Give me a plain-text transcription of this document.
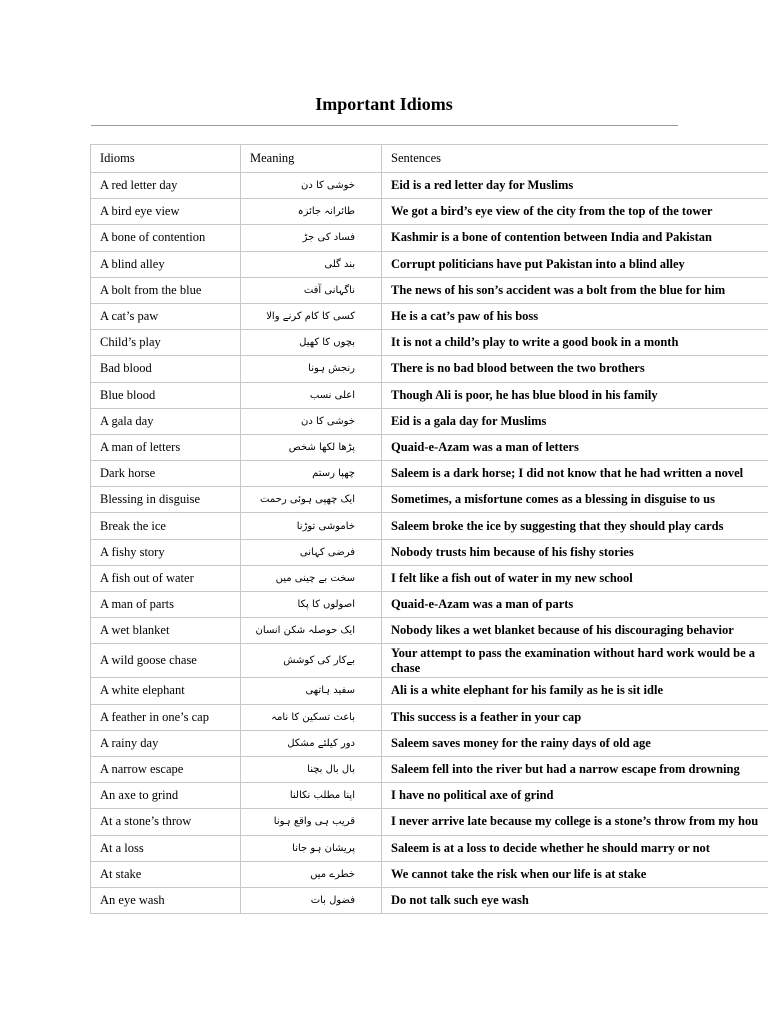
Important Idioms
Idioms	Meaning	Sentences
A red letter day	خوشی کا دن	Eid is a red letter day for Muslims
A bird eye view	طائرانہ جائزہ	We got a bird’s eye view of the city from the top of the tower
A bone of contention	فساد کی جڑ	Kashmir is a bone of contention between India and Pakistan
A blind alley	بند گلی	Corrupt politicians have put Pakistan into a blind alley
A bolt from the blue	ناگہانی آفت	The news of his son’s accident was a bolt from the blue for him
A cat’s paw	کسی کا کام کرنے والا	He is a cat’s paw of his boss
Child’s play	بچوں کا کھیل	It is not a child’s play to write a good book in a month
Bad blood	رنجش ہونا	There is no bad blood between the two brothers
Blue blood	اعلی نسب	Though Ali is poor, he has blue blood in his family
A gala day	خوشی کا دن	Eid is a gala day for Muslims
A man of letters	پڑھا لکھا شخص	Quaid-e-Azam was a man of letters
Dark horse	چھپا رستم	Saleem is a dark horse; I did not know that he had written a novel
Blessing in disguise	ایک چھپی ہوئی رحمت	Sometimes, a misfortune comes as a blessing in disguise to us
Break the ice	خاموشی توڑنا	Saleem broke the ice by suggesting that they should play cards
A fishy story	فرضی کہانی	Nobody trusts him because of his fishy stories
A fish out of water	سخت بے چینی میں	I felt like a fish out of water in my new school
A man of parts	اصولوں کا پکا	Quaid-e-Azam was a man of parts
A wet blanket	ایک حوصلہ شکن انسان	Nobody likes a wet blanket because of his discouraging behavior
A wild goose chase	بےکار کی کوشش	Your attempt to pass the examination without hard work would be a chase
A white elephant	سفید ہاتھی	Ali is a white elephant for his family as he is sit idle
A feather in one’s cap	باعث تسکین کا نامہ	This success is a feather in your cap
A rainy day	دور کیلئے مشکل	Saleem saves money for the rainy days of old age
A narrow escape	بال بال بچنا	Saleem fell into the river but had a narrow escape from drowning
An axe to grind	اپنا مطلب نکالنا	I have no political axe of grind
At a stone’s throw	قریب ہی واقع ہونا	I never arrive late because my college is a stone’s throw from my hou
At a loss	پریشان ہو جانا	Saleem is at a loss to decide whether he should marry or not
At stake	خطرے میں	We cannot take the risk when our life is at stake
An eye wash	فضول بات	Do not talk such eye wash
